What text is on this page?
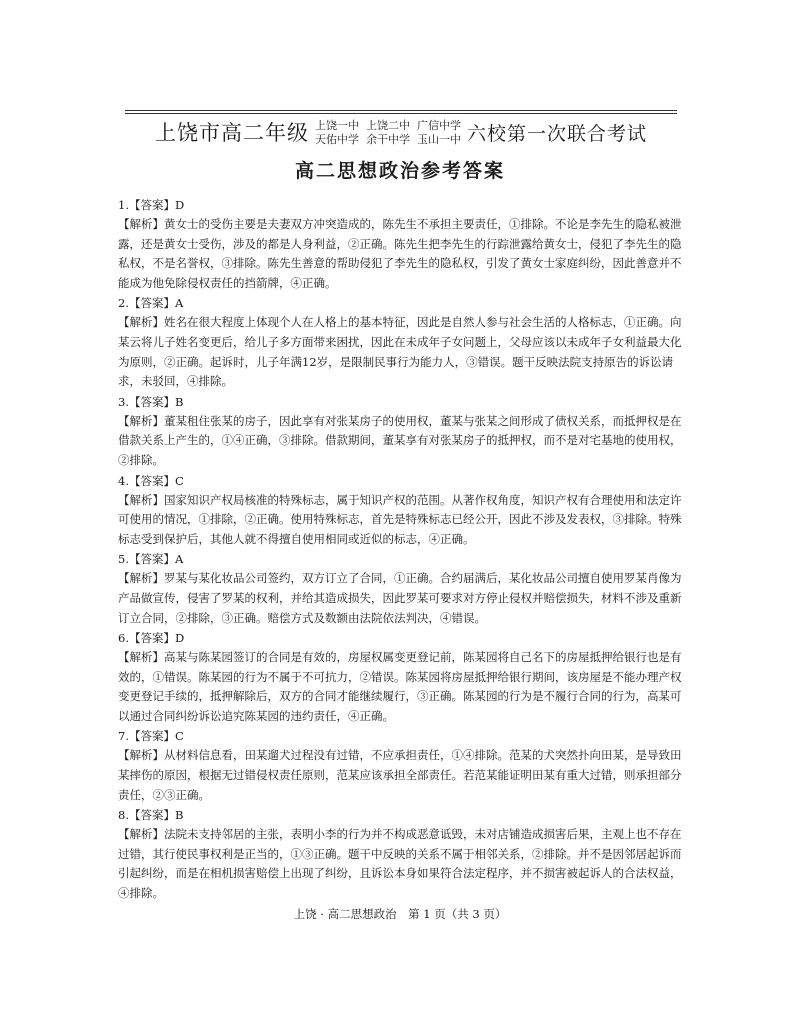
上饶市高二年级 上饶一中 上饶二中 广信中学
天佑中学 余干中学 玉山一中 六校第一次联合考试
高二思想政治参考答案

1.【答案】D

【解析】黄女士的受伤主要是夫妻双方冲突造成的，陈先生不承担主要责任，①排除。不论是李先生的隐私被泄露，还是黄女士受伤，涉及的都是人身利益，②正确。陈先生把李先生的行踪泄露给黄女士，侵犯了李先生的隐私权，不是名誉权，③排除。陈先生善意的帮助侵犯了李先生的隐私权，引发了黄女士家庭纠纷，因此善意并不能成为他免除侵权责任的挡箭牌，④正确。

2.【答案】A

【解析】姓名在很大程度上体现个人在人格上的基本特征，因此是自然人参与社会生活的人格标志，①正确。向某云将儿子姓名变更后，给儿子多方面带来困扰，因此在未成年子女问题上，父母应该以未成年子女利益最大化为原则，②正确。起诉时，儿子年满12岁，是限制民事行为能力人，③错误。题干反映法院支持原告的诉讼请求，未驳回，④排除。

3.【答案】B

【解析】董某租住张某的房子，因此享有对张某房子的使用权，董某与张某之间形成了债权关系，而抵押权是在借款关系上产生的，①④正确，③排除。借款期间，董某享有对张某房子的抵押权，而不是对宅基地的使用权，②排除。

4.【答案】C

【解析】国家知识产权局核准的特殊标志，属于知识产权的范围。从著作权角度，知识产权有合理使用和法定许可使用的情况，①排除，②正确。使用特殊标志，首先是特殊标志已经公开，因此不涉及发表权，③排除。特殊标志受到保护后，其他人就不得擅自使用相同或近似的标志，④正确。

5.【答案】A

【解析】罗某与某化妆品公司签约，双方订立了合同，①正确。合约届满后，某化妆品公司擅自使用罗某肖像为产品做宣传，侵害了罗某的权利，并给其造成损失，因此罗某可要求对方停止侵权并赔偿损失，材料不涉及重新订立合同，②排除，③正确。赔偿方式及数额由法院依法判决，④错误。

6.【答案】D

【解析】高某与陈某园签订的合同是有效的，房屋权属变更登记前，陈某园将自己名下的房屋抵押给银行也是有效的，①错误。陈某园的行为不属于不可抗力，②错误。陈某园将房屋抵押给银行期间，该房屋是不能办理产权变更登记手续的，抵押解除后，双方的合同才能继续履行，③正确。陈某园的行为是不履行合同的行为，高某可以通过合同纠纷诉讼追究陈某园的违约责任，④正确。

7.【答案】C

【解析】从材料信息看，田某遛犬过程没有过错，不应承担责任，①④排除。范某的犬突然扑向田某，是导致田某摔伤的原因，根据无过错侵权责任原则，范某应该承担全部责任。若范某能证明田某有重大过错，则承担部分责任，②③正确。

8.【答案】B

【解析】法院未支持邻居的主张，表明小李的行为并不构成恶意诋毁，未对店铺造成损害后果，主观上也不存在过错，其行使民事权利是正当的，①③正确。题干中反映的关系不属于相邻关系，②排除。并不是因邻居起诉而引起纠纷，而是在相机损害赔偿上出现了纠纷，且诉讼本身如果符合法定程序，并不损害被起诉人的合法权益，④排除。

上饶 · 高二思想政治　第 1 页（共 3 页）
